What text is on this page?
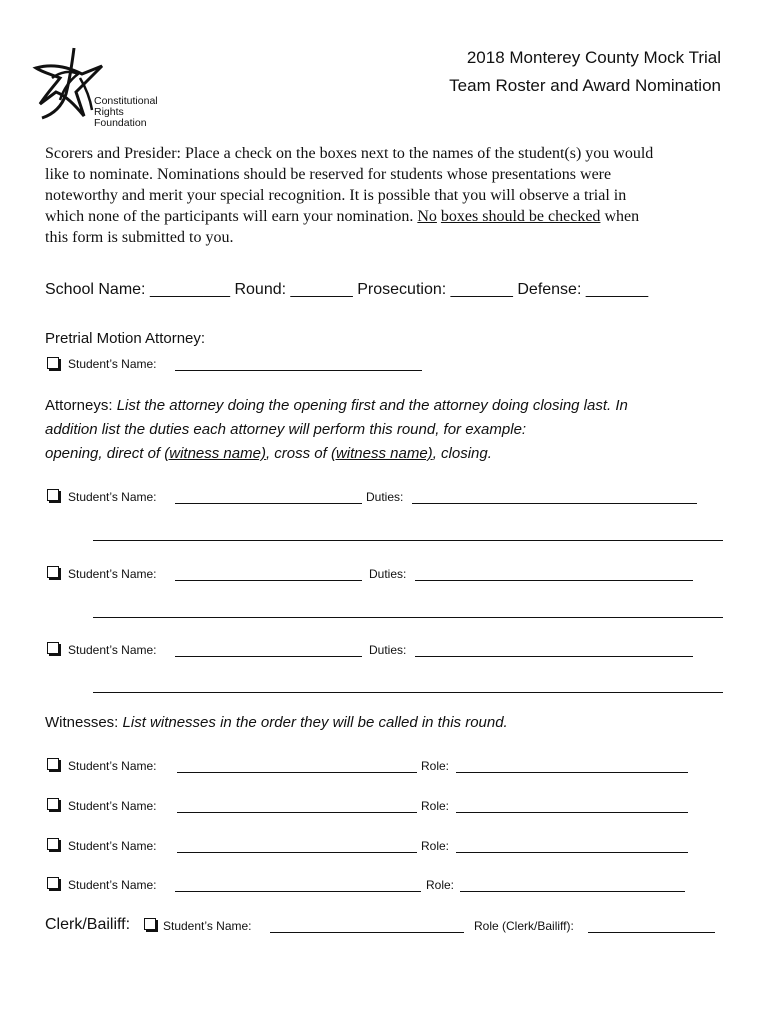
Constitutional
Rights
Foundation
2018 Monterey County Mock Trial
Team Roster and Award Nomination

Scorers and Presider: Place a check on the boxes next to the names of the student(s) you would

like to nominate. Nominations should be reserved for students whose presentations were

noteworthy and merit your special recognition. It is possible that you will observe a trial in

which none of the participants will earn your nomination. No boxes should be checked when

this form is submitted to you.

School Name: _________ Round: _______ Prosecution: _______ Defense: _______
Pretrial Motion Attorney:
Student’s Name:
Attorneys: List the attorney doing the opening first and the attorney doing closing last. In
addition list the duties each attorney will perform this round, for example:
opening, direct of (witness name), cross of (witness name), closing.
Student’s Name:	Duties:
Student’s Name:	Duties:
Student’s Name:	Duties:
Witnesses: List witnesses in the order they will be called in this round.
Student’s Name:	Role:
Student’s Name:	Role:
Student’s Name:	Role:
Student’s Name:	Role:
Clerk/Bailiff:	Student’s Name:	Role (Clerk/Bailiff):
